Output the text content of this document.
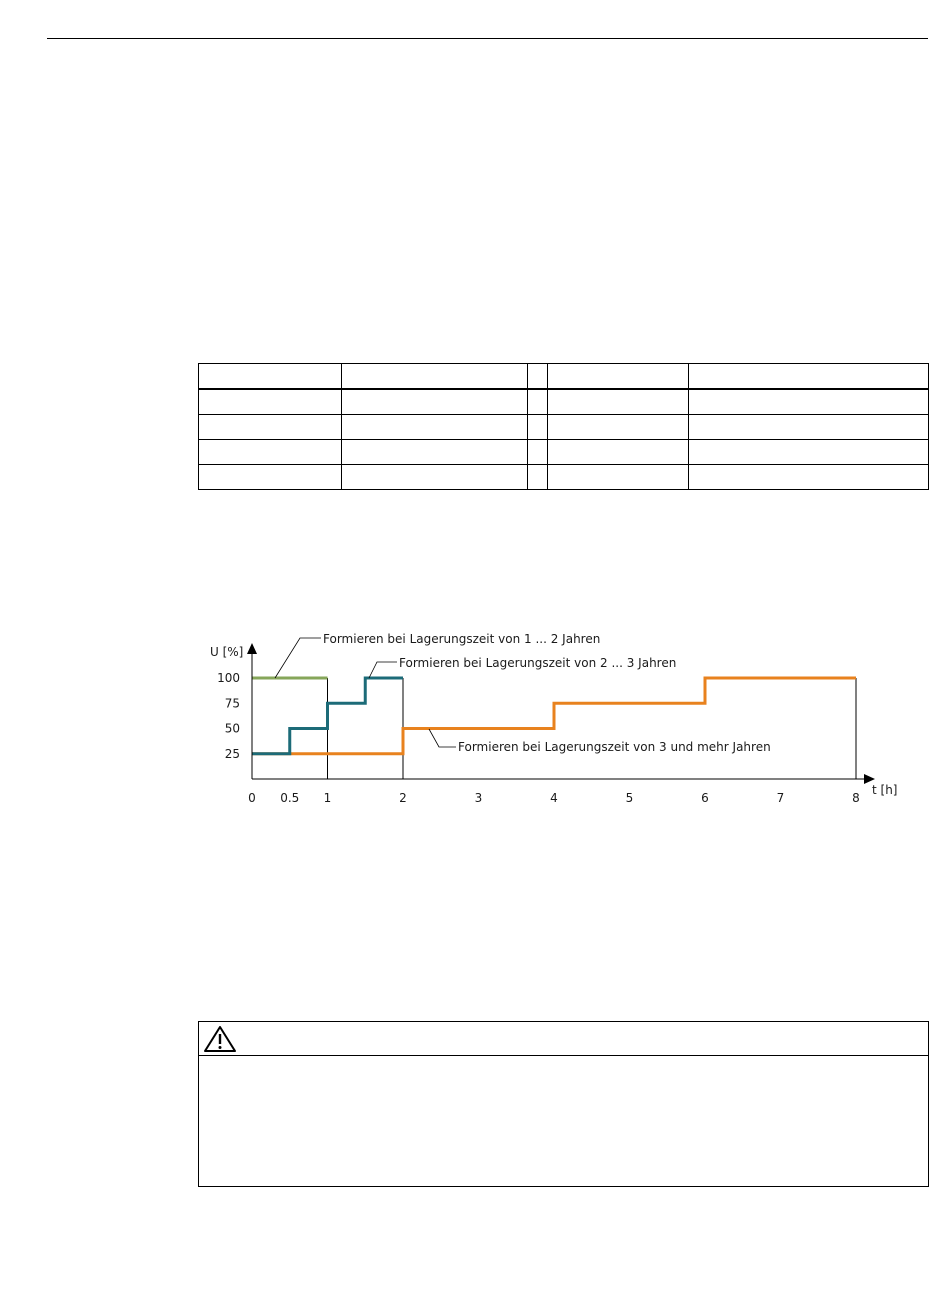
0 0.5 1	2	3	4	5	6	7	8
25
50
75
100
t [h]
U [%]
Formieren bei Lagerungszeit von 1 ... 2 Jahren
Formieren bei Lagerungszeit von 2 ... 3 Jahren
Formieren bei Lagerungszeit von 3 und mehr Jahren
